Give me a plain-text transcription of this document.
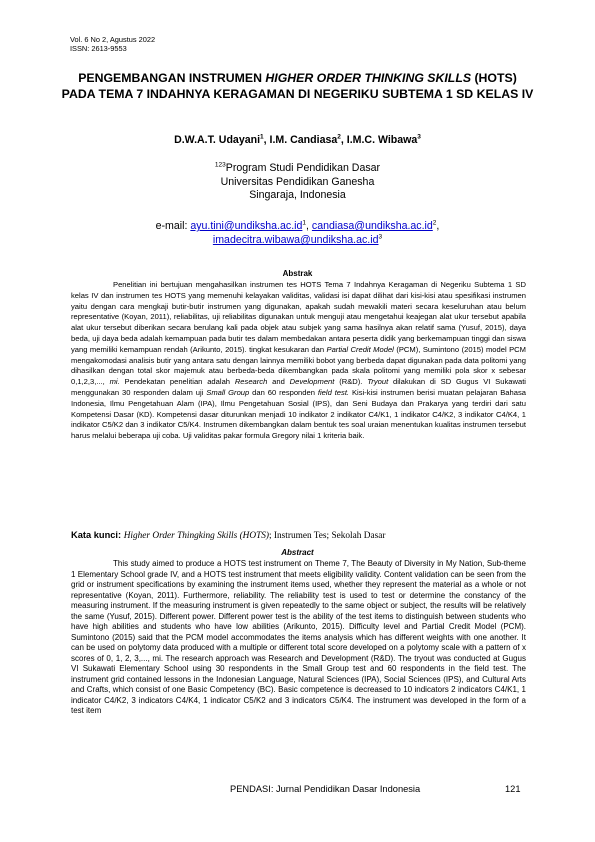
Vol. 6 No 2, Agustus 2022
ISSN: 2613-9553
PENGEMBANGAN INSTRUMEN HIGHER ORDER THINKING SKILLS (HOTS) PADA TEMA 7 INDAHNYA KERAGAMAN DI NEGERIKU SUBTEMA 1 SD KELAS IV
D.W.A.T. Udayani$^1$, I.M. Candiasa$^2$, I.M.C. Wibawa$^3$
$^{123}$Program Studi Pendidikan Dasar
Universitas Pendidikan Ganesha
Singaraja, Indonesia
e-mail: $ayu.tini@undiksha.ac.id^1$, $candiasa@undiksha.ac.id^2$,
$imadecitra.wibawa@undiksha.ac.id^3$
Abstrak

Penelitian ini bertujuan mengahasilkan instrumen tes HOTS Tema 7 Indahnya Keragaman di Negeriku Subtema 1 SD kelas IV dan instrumen tes HOTS yang memenuhi kelayakan validitas, validasi isi dapat dilihat dari kisi-kisi atau spesifikasi instrumen yaitu dengan cara mengkaji butir-butir instrumen yang digunakan, apakah sudah mewakili materi secara keseluruhan atau belum representative (Koyan, 2011), reliabilitas, uji reliabilitas digunakan untuk menguji atau mengetahui keajegan alat ukur tersebut apabila alat ukur tersebut diberikan secara berulang kali pada objek atau subjek yang sama hasilnya akan relatif sama (Yusuf, 2015), daya beda, uji daya beda adalah kemampuan pada butir tes dalam membedakan antara peserta didik yang berkemampuan tinggi dan siswa yang memiliki kemampuan rendah (Arikunto, 2015). tingkat kesukaran dan Partial Credit Model (PCM), Sumintono (2015) model PCM mengakomodasi analisis butir yang antara satu dengan lainnya memiliki bobot yang berbeda dapat digunakan pada data politomi yang dihasilkan dengan total skor majemuk atau berbeda-beda dikembangkan pada skala politomi yang memiliki pola skor x sebesar 0,1,2,3,..., mi. Pendekatan penelitian adalah Research and Development (R&D). Tryout dilakukan di SD Gugus VI Sukawati menggunakan 30 responden dalam uji Small Group dan 60 responden field test. Kisi-kisi instrumen berisi muatan pelajaran Bahasa Indonesia, Ilmu Pengetahuan Alam (IPA), Ilmu Pengetahuan Sosial (IPS), dan Seni Budaya dan Prakarya yang terdiri dari satu Kompetensi Dasar (KD). Kompetensi dasar diturunkan menjadi 10 indikator 2 indikator C4/K1, 1 indikator C4/K2, 3 indikator C4/K4, 1 indikator C5/K2 dan 3 indikator C5/K4. Instrumen dikembangkan dalam bentuk tes soal uraian menentukan kualitas instrumen tersebut harus melalui beberapa uji coba. Uji validitas pakar formula Gregory nilai 1 kriteria baik.

Kata kunci: Higher Order Thingking Skills (HOTS); Instrumen Tes; Sekolah Dasar
Abstract

This study aimed to produce a HOTS test instrument on Theme 7, The Beauty of Diversity in My Nation, Sub-theme 1 Elementary School grade IV, and a HOTS test instrument that meets eligibility validity. Content validation can be seen from the grid or instrument specifications by examining the instrument items used, whether they represent the material as a whole or not representative (Koyan, 2011). Furthermore, reliability. The reliability test is used to test or determine the constancy of the measuring instrument. If the measuring instrument is given repeatedly to the same object or subject, the results will be relatively the same (Yusuf, 2015). Different power. Different power test is the ability of the test items to distinguish between students who have high abilities and students who have low abilities (Arikunto, 2015). Difficulty level and Partial Credit Model (PCM). Sumintono (2015) said that the PCM model accommodates the items analysis which has different weights with one another. It can be used on polytomy data produced with a multiple or different total score developed on a polytomy scale with a pattern of x scores of 0, 1, 2, 3,..., mi. The research approach was Research and Development (R&D). The tryout was conducted at Gugus VI Sukawati Elementary School using 30 respondents in the Small Group test and 60 respondents in the field test. The instrument grid contained lessons in the Indonesian Language, Natural Sciences (IPA), Social Sciences (IPS), and Cultural Arts and Crafts, which consist of one Basic Competency (BC). Basic competence is decreased to 10 indicators 2 indicators C4/K1, 1 indicator C4/K2, 3 indicators C4/K4, 1 indicator C5/K2 and 3 indicators C5/K4. The instrument was developed in the form of a test item

PENDASI: Jurnal Pendidikan Dasar Indonesia	121
